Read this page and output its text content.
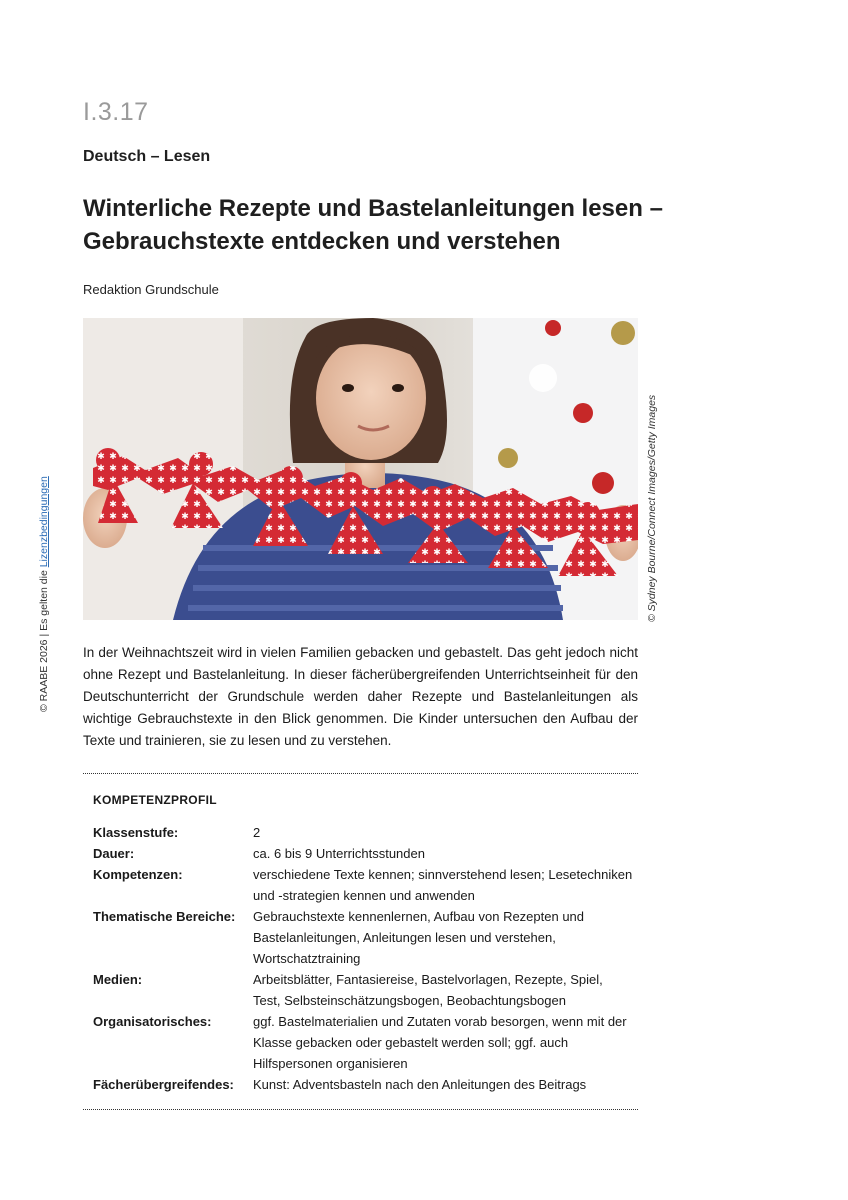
I.3.17
Deutsch – Lesen
Winterliche Rezepte und Bastelanleitungen lesen – Gebrauchstexte entdecken und verstehen
Redaktion Grundschule
© Sydney Bourne/Connect Images/Getty Images
© RAABE 2026 | Es gelten die Lizenzbedingungen
In der Weihnachtszeit wird in vielen Familien gebacken und gebastelt. Das geht jedoch nicht ohne Rezept und Bastelanleitung. In dieser fächerübergreifenden Unterrichtseinheit für den Deutschunterricht der Grundschule werden daher Rezepte und Bastelanleitungen als wichtige Gebrauchstexte in den Blick genommen. Die Kinder untersuchen den Aufbau der Texte und trainieren, sie zu lesen und zu verstehen.
KOMPETENZPROFIL
Klassenstufe:	2
Dauer:	ca. 6 bis 9 Unterrichtsstunden
Kompetenzen:	verschiedene Texte kennen; sinnverstehend lesen; Lesetechniken und -strategien kennen und anwenden
Thematische Bereiche:	Gebrauchstexte kennenlernen, Aufbau von Rezepten und Bastelanleitungen, Anleitungen lesen und verstehen, Wortschatztraining
Medien:	Arbeitsblätter, Fantasiereise, Bastelvorlagen, Rezepte, Spiel, Test, Selbsteinschätzungsbogen, Beobachtungsbogen
Organisatorisches:	ggf. Bastelmaterialien und Zutaten vorab besorgen, wenn mit der Klasse gebacken oder gebastelt werden soll; ggf. auch Hilfspersonen organisieren
Fächerübergreifendes:	Kunst: Adventsbasteln nach den Anleitungen des Beitrags
